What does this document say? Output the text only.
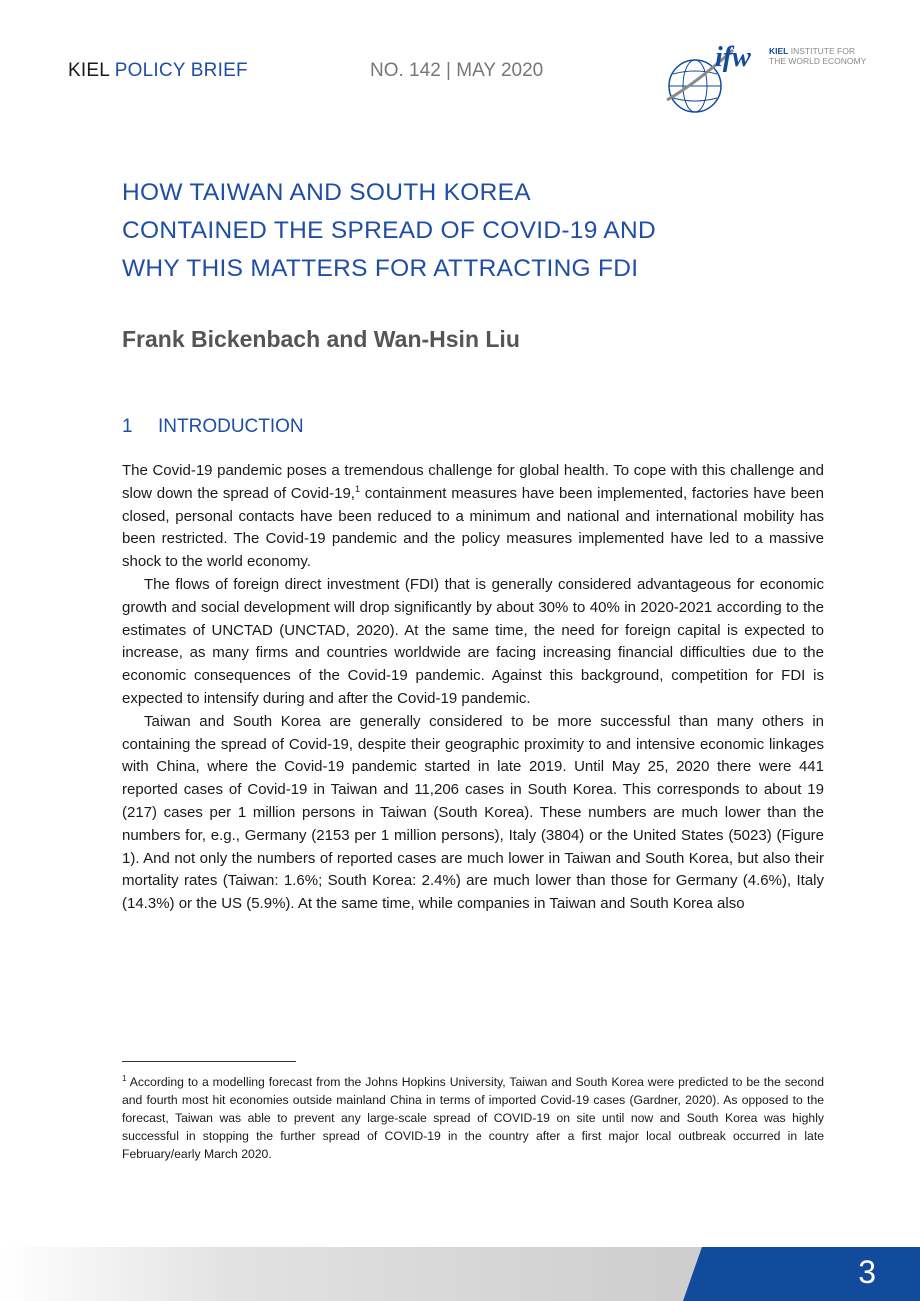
KIEL POLICY BRIEF	NO. 142 | MAY 2020	ifw KIEL INSTITUTE FOR
THE WORLD ECONOMY
HOW TAIWAN AND SOUTH KOREA
CONTAINED THE SPREAD OF COVID-19 AND
WHY THIS MATTERS FOR ATTRACTING FDI
Frank Bickenbach and Wan-Hsin Liu
1 INTRODUCTION

The Covid-19 pandemic poses a tremendous challenge for global health. To cope with this challenge and slow down the spread of Covid-19,$^1$ containment measures have been implemented, factories have been closed, personal contacts have been reduced to a minimum and national and international mobility has been restricted. The Covid-19 pandemic and the policy measures implemented have led to a massive shock to the world economy.

The flows of foreign direct investment (FDI) that is generally considered advantageous for economic growth and social development will drop significantly by about 30% to 40% in 2020-2021 according to the estimates of UNCTAD (UNCTAD, 2020). At the same time, the need for foreign capital is expected to increase, as many firms and countries worldwide are facing increasing financial difficulties due to the economic consequences of the Covid-19 pandemic. Against this background, competition for FDI is expected to intensify during and after the Covid-19 pandemic.

Taiwan and South Korea are generally considered to be more successful than many others in containing the spread of Covid-19, despite their geographic proximity to and intensive economic linkages with China, where the Covid-19 pandemic started in late 2019. Until May 25, 2020 there were 441 reported cases of Covid-19 in Taiwan and 11,206 cases in South Korea. This corresponds to about 19 (217) cases per 1 million persons in Taiwan (South Korea). These numbers are much lower than the numbers for, e.g., Germany (2153 per 1 million persons), Italy (3804) or the United States (5023) (Figure 1). And not only the numbers of reported cases are much lower in Taiwan and South Korea, but also their mortality rates (Taiwan: 1.6%; South Korea: 2.4%) are much lower than those for Germany (4.6%), Italy (14.3%) or the US (5.9%). At the same time, while companies in Taiwan and South Korea also

$^1$ According to a modelling forecast from the Johns Hopkins University, Taiwan and South Korea were predicted to be the second and fourth most hit economies outside mainland China in terms of imported Covid-19 cases (Gardner, 2020). As opposed to the forecast, Taiwan was able to prevent any large-scale spread of COVID-19 on site until now and South Korea was highly successful in stopping the further spread of COVID-19 in the country after a first major local outbreak occurred in late February/early March 2020.
3
